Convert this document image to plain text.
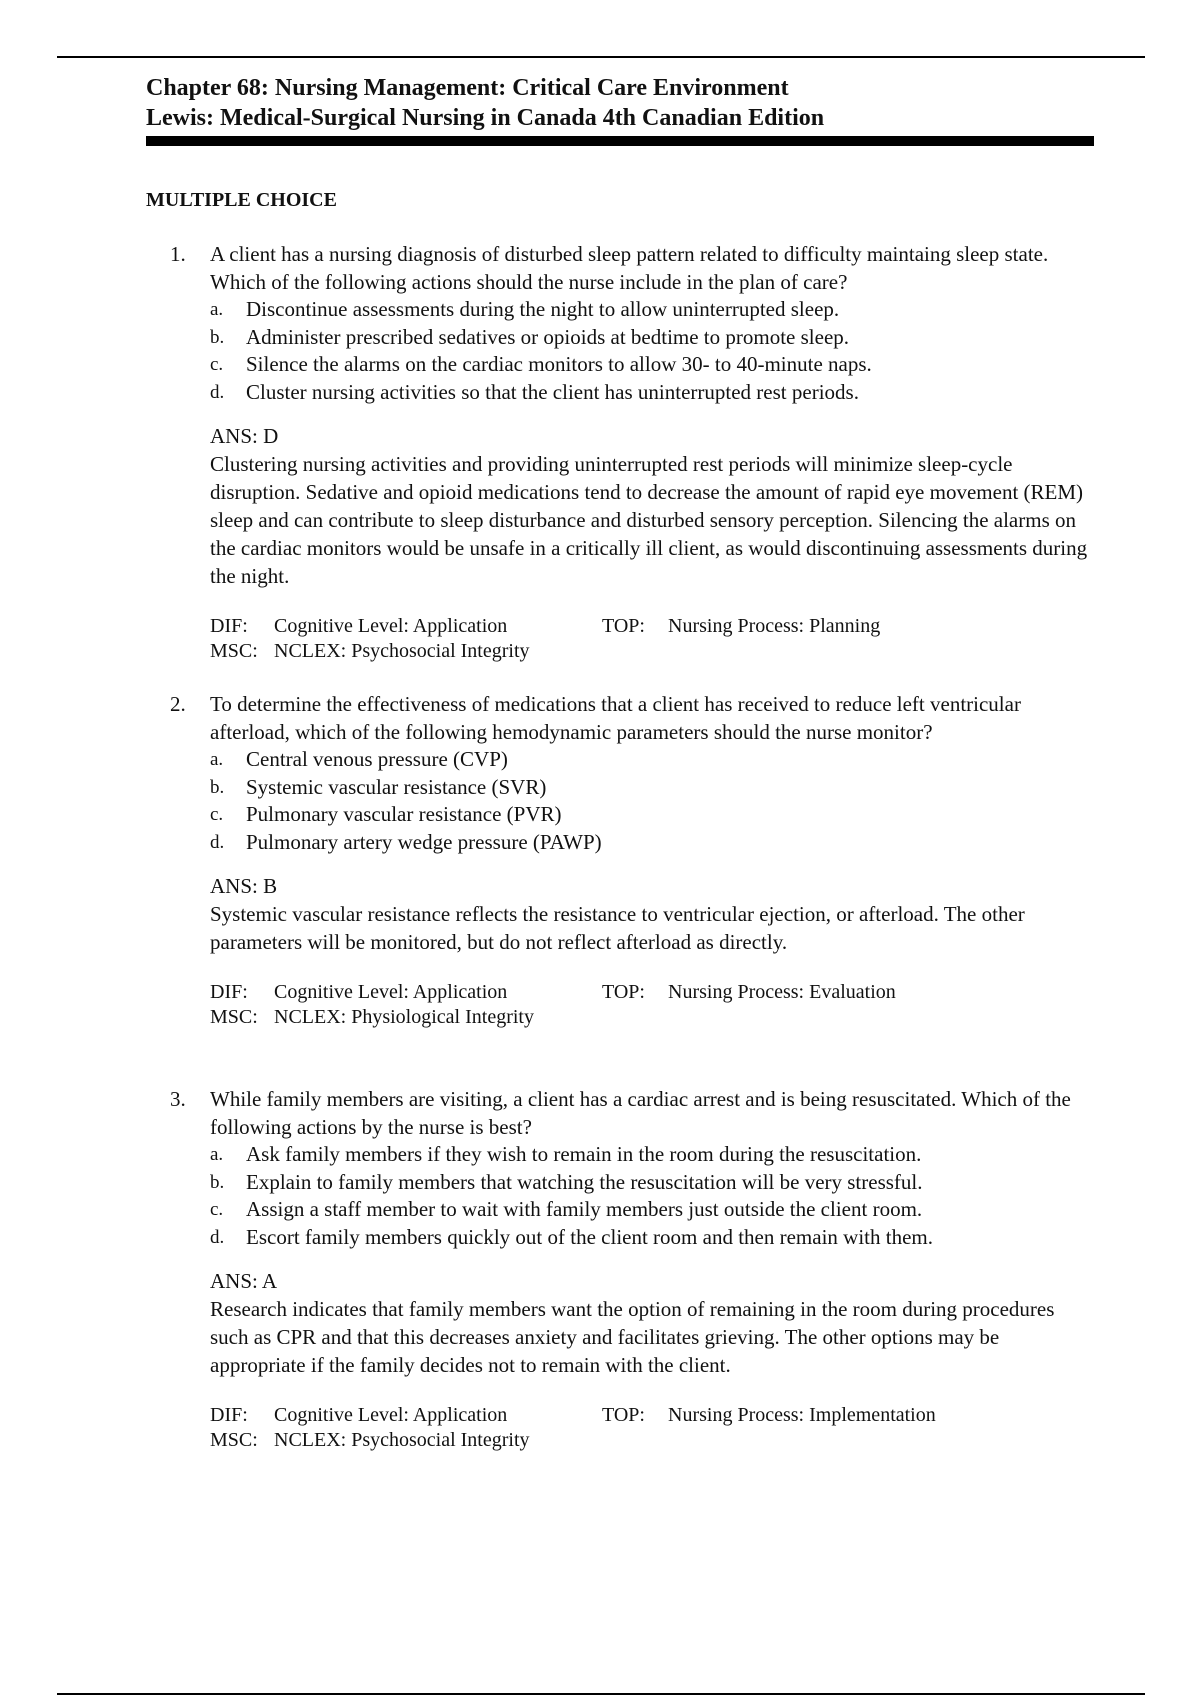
Chapter 68: Nursing Management: Critical Care Environment
Lewis: Medical-Surgical Nursing in Canada 4th Canadian Edition
MULTIPLE CHOICE
1. A client has a nursing diagnosis of disturbed sleep pattern related to difficulty maintaing sleep state. Which of the following actions should the nurse include in the plan of care?
a. Discontinue assessments during the night to allow uninterrupted sleep.
b. Administer prescribed sedatives or opioids at bedtime to promote sleep.
c. Silence the alarms on the cardiac monitors to allow 30- to 40-minute naps.
d. Cluster nursing activities so that the client has uninterrupted rest periods.
ANS: D
Clustering nursing activities and providing uninterrupted rest periods will minimize sleep-cycle disruption. Sedative and opioid medications tend to decrease the amount of rapid eye movement (REM) sleep and can contribute to sleep disturbance and disturbed sensory perception. Silencing the alarms on the cardiac monitors would be unsafe in a critically ill client, as would discontinuing assessments during the night.
DIF: Cognitive Level: Application	TOP: Nursing Process: Planning
MSC: NCLEX: Psychosocial Integrity
2. To determine the effectiveness of medications that a client has received to reduce left ventricular afterload, which of the following hemodynamic parameters should the nurse monitor?
a. Central venous pressure (CVP)
b. Systemic vascular resistance (SVR)
c. Pulmonary vascular resistance (PVR)
d. Pulmonary artery wedge pressure (PAWP)
ANS: B
Systemic vascular resistance reflects the resistance to ventricular ejection, or afterload. The other parameters will be monitored, but do not reflect afterload as directly.
DIF: Cognitive Level: Application	TOP: Nursing Process: Evaluation
MSC: NCLEX: Physiological Integrity
3. While family members are visiting, a client has a cardiac arrest and is being resuscitated. Which of the following actions by the nurse is best?
a. Ask family members if they wish to remain in the room during the resuscitation.
b. Explain to family members that watching the resuscitation will be very stressful.
c. Assign a staff member to wait with family members just outside the client room.
d. Escort family members quickly out of the client room and then remain with them.
ANS: A
Research indicates that family members want the option of remaining in the room during procedures such as CPR and that this decreases anxiety and facilitates grieving. The other options may be appropriate if the family decides not to remain with the client.
DIF: Cognitive Level: Application	TOP: Nursing Process: Implementation
MSC: NCLEX: Psychosocial Integrity
